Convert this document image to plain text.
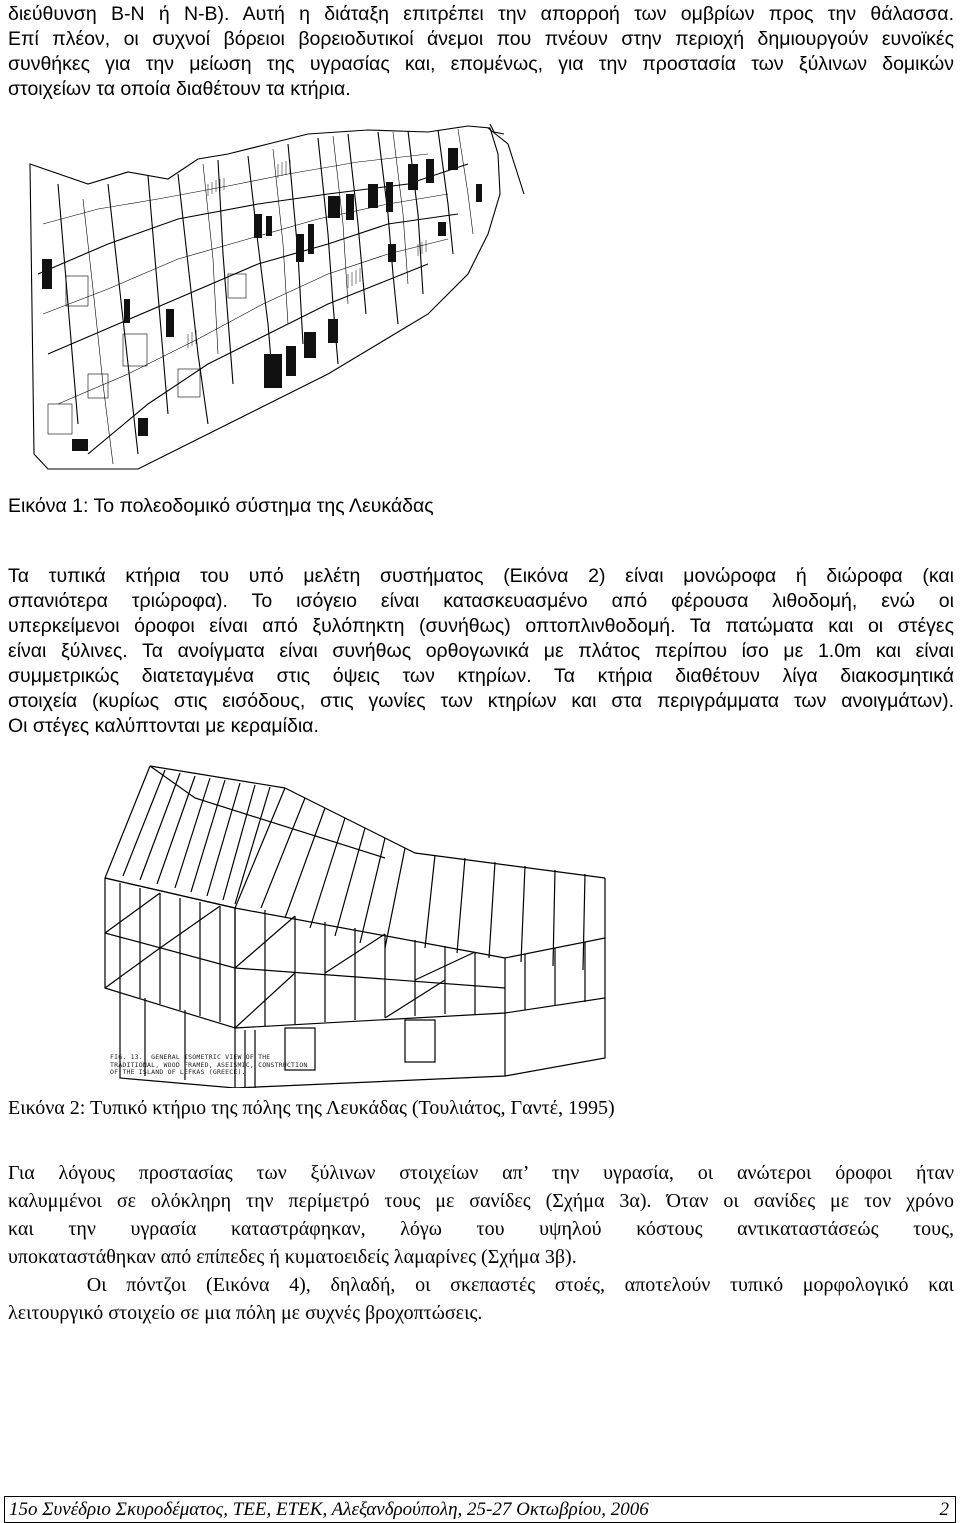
διεύθυνση Β-Ν ή Ν-Β). Αυτή η διάταξη επιτρέπει την απορροή των ομβρίων προς την θάλασσα.
Επί πλέον, οι συχνοί βόρειοι βορειοδυτικοί άνεμοι που πνέουν στην περιοχή δημιουργούν ευνοϊκές
συνθήκες για την μείωση της υγρασίας και, επομένως, για την προστασία των ξύλινων δομικών
στοιχείων τα οποία διαθέτουν τα κτήρια.
Εικόνα 1: Το πολεοδομικό σύστημα της Λευκάδας
Τα τυπικά κτήρια του υπό μελέτη συστήματος (Εικόνα 2) είναι μονώροφα ή διώροφα (και
σπανιότερα τριώροφα). Το ισόγειο είναι κατασκευασμένο από φέρουσα λιθοδομή, ενώ οι
υπερκείμενοι όροφοι είναι από ξυλόπηκτη (συνήθως) οπτοπλινθοδομή. Τα πατώματα και οι στέγες
είναι ξύλινες. Τα ανοίγματα είναι συνήθως ορθογωνικά με πλάτος περίπου ίσο με 1.0m και είναι
συμμετρικώς διατεταγμένα στις όψεις των κτηρίων. Τα κτήρια διαθέτουν λίγα διακοσμητικά
στοιχεία (κυρίως στις εισόδους, στις γωνίες των κτηρίων και στα περιγράμματα των ανοιγμάτων).
Οι στέγες καλύπτονται με κεραμίδια.
FIG. 13.  GENERAL ISOMETRIC VIEW OF THE
TRADITIONAL, WOOD FRAMED, ASEISMIC, CONSTRUCTION
OF THE ISLAND OF LEFKAS (GREECE).
Εικόνα 2: Τυπικό κτήριο της πόλης της Λευκάδας (Τουλιάτος, Γαντέ, 1995)
Για λόγους προστασίας των ξύλινων στοιχείων απ’ την υγρασία, οι ανώτεροι όροφοι ήταν
καλυμμένοι σε ολόκληρη την περίμετρό τους με σανίδες (Σχήμα 3α). Όταν οι σανίδες με τον χρόνο
και την υγρασία καταστράφηκαν, λόγω του υψηλού κόστους αντικαταστάσεώς τους,
υποκαταστάθηκαν από επίπεδες ή κυματοειδείς λαμαρίνες (Σχήμα 3β).
Οι πόντζοι (Εικόνα 4), δηλαδή, οι σκεπαστές στοές, αποτελούν τυπικό μορφολογικό και
λειτουργικό στοιχείο σε μια πόλη με συχνές βροχοπτώσεις.
15ο Συνέδριο Σκυροδέματος, ΤΕΕ, ΕΤΕΚ, Αλεξανδρούπολη, 25-27 Οκτωβρίου, 2006	2
